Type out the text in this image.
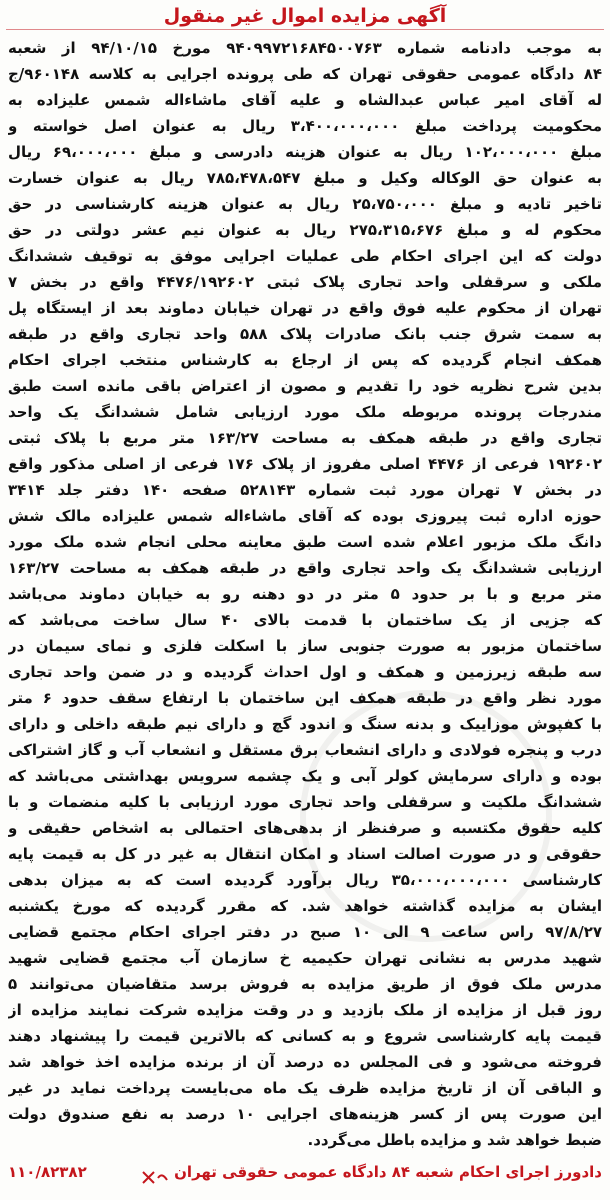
آگهی مزایده اموال غیر منقول
به موجب دادنامه شماره ۹۴۰۹۹۷۲۱۶۸۴۵۰۰۷۶۳ مورخ ۹۴/۱۰/۱۵ از شعبه
۸۴ دادگاه عمومی حقوقی تهران که طی پرونده اجرایی به کلاسه ۹۶۰۱۴۸/ج
له آقای امیر عباس عبدالشاه و علیه آقای ماشاءاله شمس علیزاده به
محکومیت پرداخت مبلغ ۳،۴۰۰،۰۰۰،۰۰۰ ریال به عنوان اصل خواسته و
مبلغ ۱۰۲،۰۰۰،۰۰۰ ریال به عنوان هزینه دادرسی و مبلغ ۶۹،۰۰۰،۰۰۰ ریال
به عنوان حق الوکاله وکیل و مبلغ ۷۸۵،۴۷۸،۵۴۷ ریال به عنوان خسارت
تاخیر تادیه و مبلغ ۲۵،۷۵۰،۰۰۰ ریال به عنوان هزینه کارشناسی در حق
محکوم له و مبلغ ۲۷۵،۳۱۵،۶۷۶ ریال به عنوان نیم عشر دولتی در حق
دولت که این اجرای احکام طی عملیات اجرایی موفق به توقیف ششدانگ
ملکی و سرقفلی واحد تجاری پلاک ثبتی ۴۴۷۶/۱۹۲۶۰۲ واقع در بخش ۷
تهران از محکوم علیه فوق واقع در تهران خیابان دماوند بعد از ایستگاه پل
به سمت شرق جنب بانک صادرات پلاک ۵۸۸ واحد تجاری واقع در طبقه
همکف انجام گردیده که پس از ارجاع به کارشناس منتخب اجرای احکام
بدین شرح نظریه خود را تقدیم و مصون از اعتراض باقی مانده است طبق
مندرجات پرونده مربوطه ملک مورد ارزیابی شامل ششدانگ یک واحد
تجاری واقع در طبقه همکف به مساحت ۱۶۳/۲۷ متر مربع با پلاک ثبتی
۱۹۲۶۰۲ فرعی از ۴۴۷۶ اصلی مفروز از پلاک ۱۷۶ فرعی از اصلی مذکور واقع
در بخش ۷ تهران مورد ثبت شماره ۵۲۸۱۴۳ صفحه ۱۴۰ دفتر جلد ۳۴۱۴
حوزه اداره ثبت پیروزی بوده که آقای ماشاءاله شمس علیزاده مالک شش
دانگ ملک مزبور اعلام شده است طبق معاینه محلی انجام شده ملک مورد
ارزیابی ششدانگ یک واحد تجاری واقع در طبقه همکف به مساحت ۱۶۳/۲۷
متر مربع و با بر حدود ۵ متر در دو دهنه رو به خیابان دماوند می‌باشد
که جزیی از یک ساختمان با قدمت بالای ۴۰ سال ساخت می‌باشد که
ساختمان مزبور به صورت جنوبی ساز با اسکلت فلزی و نمای سیمان در
سه طبقه زیرزمین و همکف و اول احداث گردیده و در ضمن واحد تجاری
مورد نظر واقع در طبقه همکف این ساختمان با ارتفاع سقف حدود ۶ متر
با کفپوش موزاییک و بدنه سنگ و اندود گچ و دارای نیم طبقه داخلی و دارای
درب و پنجره فولادی و دارای انشعاب برق مستقل و انشعاب آب و گاز اشتراکی
بوده و دارای سرمایش کولر آبی و یک چشمه سرویس بهداشتی می‌باشد که
ششدانگ ملکیت و سرقفلی واحد تجاری مورد ارزیابی با کلیه منضمات و با
کلیه حقوق مکتسبه و صرفنظر از بدهی‌های احتمالی به اشخاص حقیقی و
حقوقی و در صورت اصالت اسناد و امکان انتقال به غیر در کل به قیمت پایه
کارشناسی ۳۵،۰۰۰،۰۰۰،۰۰۰ ریال برآورد گردیده است که به میزان بدهی
ایشان به مزایده گذاشته خواهد شد. که مقرر گردیده که مورخ یکشنبه
۹۷/۸/۲۷ راس ساعت ۹ الی ۱۰ صبح در دفتر اجرای احکام مجتمع قضایی
شهید مدرس به نشانی تهران حکیمیه خ سازمان آب مجتمع قضایی شهید
مدرس ملک فوق از طریق مزایده به فروش برسد متقاضیان می‌توانند ۵
روز قبل از مزایده از ملک بازدید و در وقت مزایده شرکت نمایند مزایده از
قیمت پایه کارشناسی شروع و به کسانی که بالاترین قیمت را پیشنهاد دهند
فروخته می‌شود و فی المجلس ده درصد آن از برنده مزایده اخذ خواهد شد
و الباقی آن از تاریخ مزایده ظرف یک ماه می‌بایست پرداخت نماید در غیر
این صورت پس از کسر هزینه‌های اجرایی ۱۰ درصد به نفع صندوق دولت
ضبط خواهد شد و مزایده باطل می‌گردد.
دادورز اجرای احکام شعبه ۸۴ دادگاه عمومی حقوقی تهران
۱۱۰/۸۲۳۸۲
